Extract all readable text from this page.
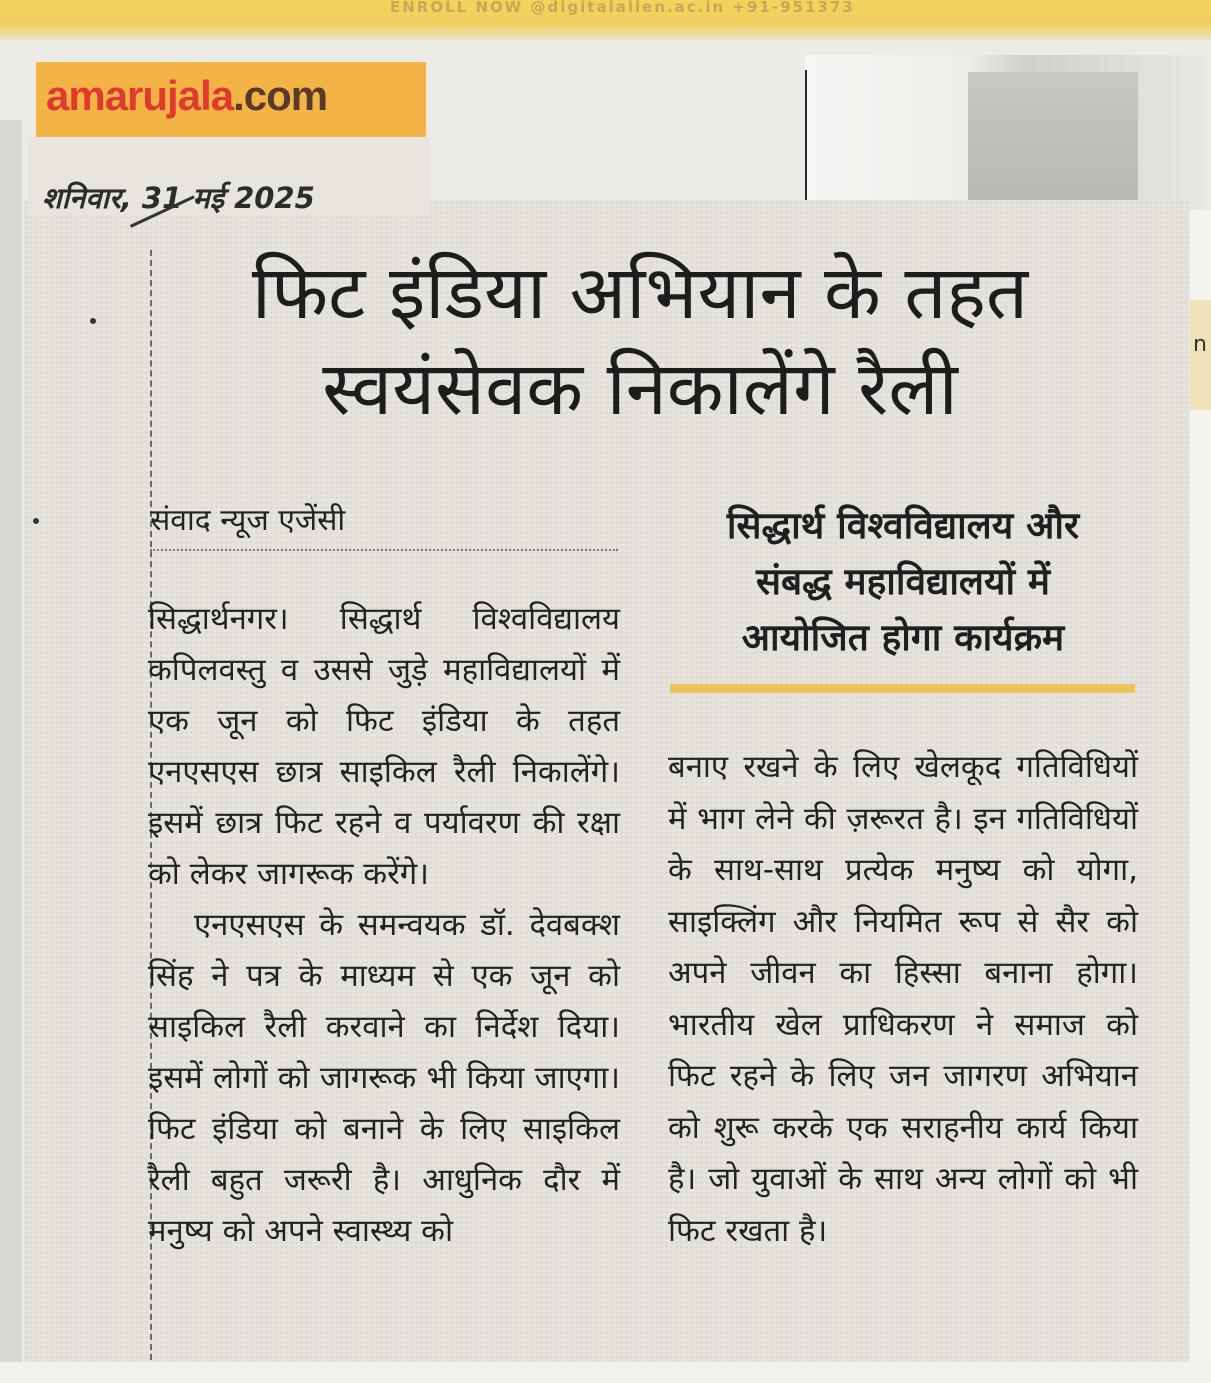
ENROLL NOW @digitalallen.ac.in +91-951373
n
amarujala.com
शनिवार, 31 मई 2025
फिट इंडिया अभियान के तहत
स्वयंसेवक निकालेंगे रैली
संवाद न्यूज एजेंसी

सिद्धार्थनगर। सिद्धार्थ विश्वविद्यालय कपिलवस्तु व उससे जुड़े महाविद्यालयों में एक जून को फिट इंडिया के तहत एनएसएस छात्र साइकिल रैली निकालेंगे। इसमें छात्र फिट रहने व पर्यावरण की रक्षा को लेकर जागरूक करेंगे।

एनएसएस के समन्वयक डॉ. देवबक्श सिंह ने पत्र के माध्यम से एक जून को साइकिल रैली करवाने का निर्देश दिया। इसमें लोगों को जागरूक भी किया जाएगा। फिट इंडिया को बनाने के लिए साइकिल रैली बहुत जरूरी है। आधुनिक दौर में मनुष्य को अपने स्वास्थ्य को

सिद्धार्थ विश्वविद्यालय और
संबद्ध महाविद्यालयों में
आयोजित होगा कार्यक्रम

बनाए रखने के लिए खेलकूद गतिविधियों में भाग लेने की ज़रूरत है। इन गतिविधियों के साथ-साथ प्रत्येक मनुष्य को योगा, साइक्लिंग और नियमित रूप से सैर को अपने जीवन का हिस्सा बनाना होगा। भारतीय खेल प्राधिकरण ने समाज को फिट रहने के लिए जन जागरण अभियान को शुरू करके एक सराहनीय कार्य किया है। जो युवाओं के साथ अन्य लोगों को भी फिट रखता है।
